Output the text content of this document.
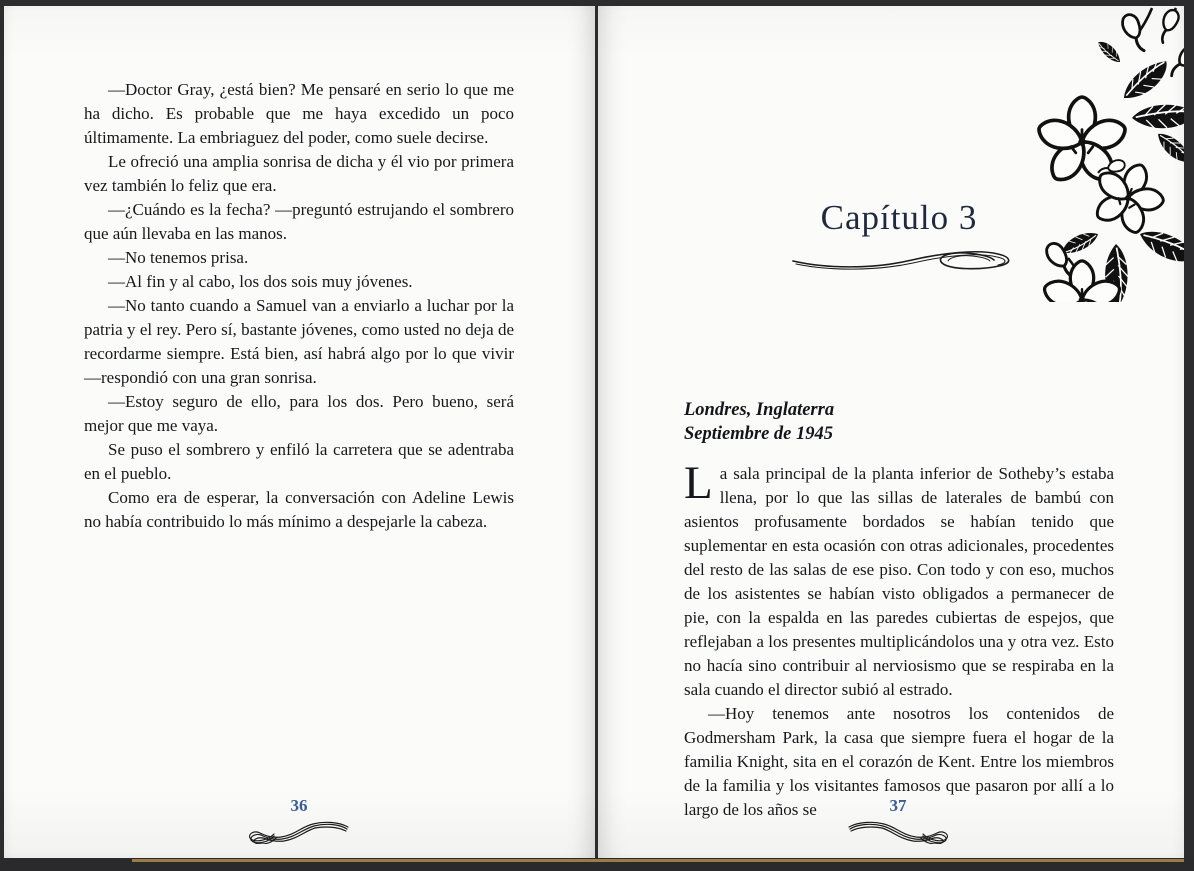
—Doctor Gray, ¿está bien? Me pensaré en serio lo que me ha dicho. Es probable que me haya excedido un poco últimamente. La embriaguez del poder, como suele decirse.

Le ofreció una amplia sonrisa de dicha y él vio por primera vez también lo feliz que era.

—¿Cuándo es la fecha? —preguntó estrujando el sombrero que aún llevaba en las manos.

—No tenemos prisa.

—Al fin y al cabo, los dos sois muy jóvenes.

—No tanto cuando a Samuel van a enviarlo a luchar por la patria y el rey. Pero sí, bastante jóvenes, como usted no deja de recordarme siempre. Está bien, así habrá algo por lo que vivir —respondió con una gran sonrisa.

—Estoy seguro de ello, para los dos. Pero bueno, será mejor que me vaya.

Se puso el sombrero y enfiló la carretera que se adentraba en el pueblo.

Como era de esperar, la conversación con Adeline Lewis no había contribuido lo más mínimo a despejarle la cabeza.

36
Capítulo 3
Londres, Inglaterra
Septiembre de 1945

La sala principal de la planta inferior de Sotheby’s estaba llena, por lo que las sillas de laterales de bambú con asientos profusamente bordados se habían tenido que suplementar en esta ocasión con otras adicionales, procedentes del resto de las salas de ese piso. Con todo y con eso, muchos de los asistentes se habían visto obligados a permanecer de pie, con la espalda en las paredes cubiertas de espejos, que reflejaban a los presentes multiplicándolos una y otra vez. Esto no hacía sino contribuir al nerviosismo que se respiraba en la sala cuando el director subió al estrado.

—Hoy tenemos ante nosotros los contenidos de Godmersham Park, la casa que siempre fuera el hogar de la familia Knight, sita en el corazón de Kent. Entre los miembros de la familia y los visitantes famosos que pasaron por allí a lo largo de los años se	37
